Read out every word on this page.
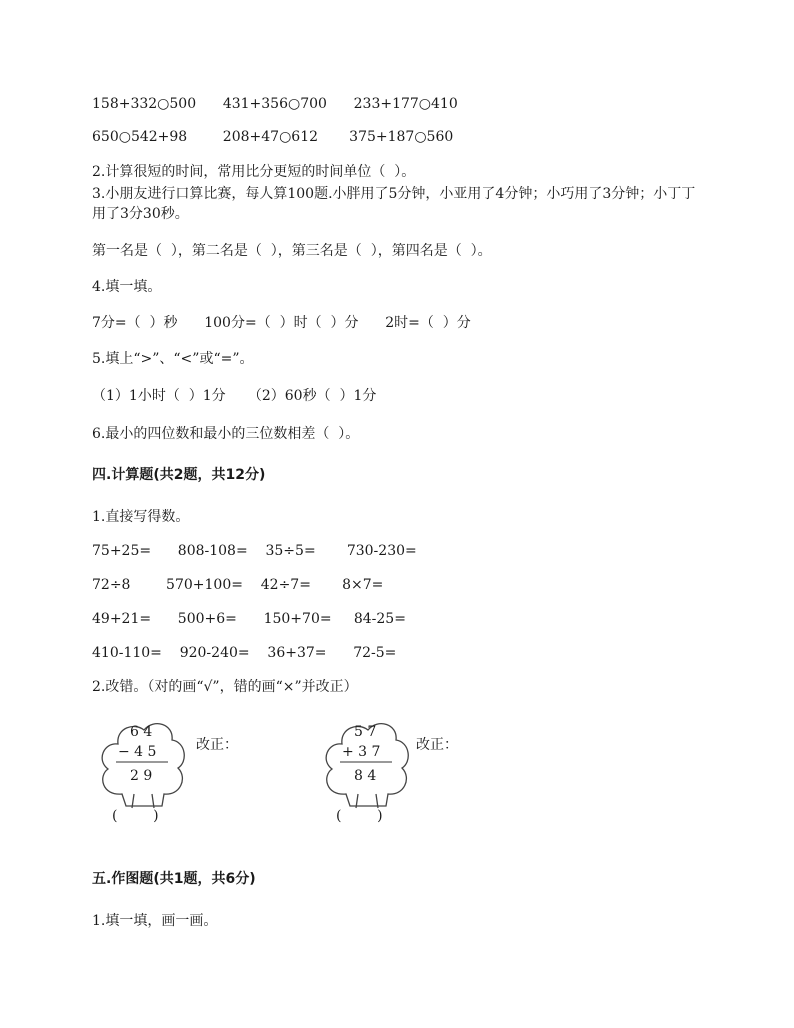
158+332○500      431+356○700      233+177○410
650○542+98        208+47○612       375+187○560
2.计算很短的时间，常用比分更短的时间单位（  ）。
3.小朋友进行口算比赛，每人算100题.小胖用了5分钟，小亚用了4分钟；小巧用了3分钟；小丁丁用了3分30秒。
第一名是（  ），第二名是（  ），第三名是（  ），第四名是（  ）。
4.填一填。
7分=（  ）秒      100分=（  ）时（  ）分      2时=（  ）分
5.填上“>”、“<”或“=”。
（1）1小时（  ）1分     （2）60秒（  ）1分
6.最小的四位数和最小的三位数相差（  ）。
四.计算题(共2题，共12分)
1.直接写得数。
75+25=      808-108=    35÷5=       730-230=
72÷8        570+100=    42÷7=       8×7=
49+21=      500+6=      150+70=     84-25=
410-110=    920-240=    36+37=      72-5=
2.改错。（对的画“√”，错的画“×”并改正）
6 4
− 4 5
2 9
(        )
改正：
5 7
+ 3 7
8 4
(        )
改正：
五.作图题(共1题，共6分)
1.填一填，画一画。
